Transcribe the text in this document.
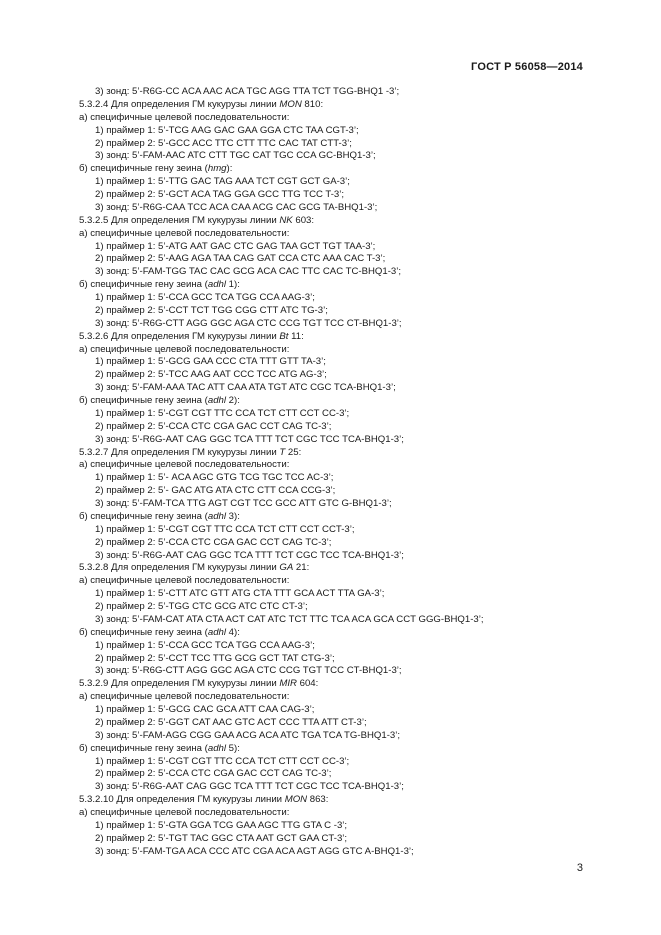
ГОСТ Р 56058—2014
3) зонд: 5’-R6G-CC ACA AAC ACA TGC AGG TTA TCT TGG-BHQ1 -3’;
5.3.2.4 Для определения ГМ кукурузы линии MON 810:
а) специфичные целевой последовательности:
1) праймер 1: 5’-TCG AAG GAC GAA GGA CTC TAA CGT-3’;
2) праймер 2: 5’-GCC ACC TTC CTT TTC CAC TAT CTT-3’;
3) зонд: 5’-FAM-AAC ATC CTT TGC CAT TGC CCA GC-BHQ1-3’;
б) специфичные гену зеина (hmg):
1) праймер 1: 5’-TTG GAC TAG AAA TCT CGT GCT GA-3’;
2) праймер 2: 5’-GCT ACA TAG GGA GCC TTG TCC T-3’;
3) зонд: 5’-R6G-CAA TCC ACA CAA ACG CAC GCG TA-BHQ1-3’;
5.3.2.5 Для определения ГМ кукурузы линии NK 603:
а) специфичные целевой последовательности:
1) праймер 1: 5’-ATG AAT GAC CTC GAG TAA GCT TGT TAA-3’;
2) праймер 2: 5’-AAG AGA TAA CAG GAT CCA CTC AAA CAC T-3’;
3) зонд: 5’-FAM-TGG TAC CAC GCG ACA CAC TTC CAC TC-BHQ1-3’;
б) специфичные гену зеина (adhl 1):
1) праймер 1: 5’-CCA GCC TCA TGG CCA AAG-3’;
2) праймер 2: 5’-CCT TCT TGG CGG CTT ATC TG-3’;
3) зонд: 5’-R6G-CTT AGG GGC AGA CTC CCG TGT TCC CT-BHQ1-3’;
5.3.2.6 Для определения ГМ кукурузы линии Bt 11:
а) специфичные целевой последовательности:
1) праймер 1: 5’-GCG GAA CCC CTA TTT GTT TA-3’;
2) праймер 2: 5’-TCC AAG AAT CCC TCC ATG AG-3’;
3) зонд: 5’-FAM-AAA TAC ATT CAA ATA TGT ATC CGC TCA-BHQ1-3’;
б) специфичные гену зеина (adhl 2):
1) праймер 1: 5’-CGT CGT TTC CCA TCT CTT CCT CC-3’;
2) праймер 2: 5’-CCA CTC CGA GAC CCT CAG TC-3’;
3) зонд: 5’-R6G-AAT CAG GGC TCA TTT TCT CGC TCC TCA-BHQ1-3’;
5.3.2.7 Для определения ГМ кукурузы линии T 25:
а) специфичные целевой последовательности:
1) праймер 1: 5’- ACA AGC GTG TCG TGC TCC AC-3’;
2) праймер 2: 5’- GAC ATG ATA CTC CTT CCA CCG-3’;
3) зонд: 5’-FAM-TCA TTG AGT CGT TCC GCC ATT GTC G-BHQ1-3’;
б) специфичные гену зеина (adhl 3):
1) праймер 1: 5’-CGT CGT TTC CCA TCT CTT CCT CCT-3’;
2) праймер 2: 5’-CCA CTC CGA GAC CCT CAG TC-3’;
3) зонд: 5’-R6G-AAT CAG GGC TCA TTT TCT CGC TCC TCA-BHQ1-3’;
5.3.2.8 Для определения ГМ кукурузы линии GA 21:
а) специфичные целевой последовательности:
1) праймер 1: 5’-CTT ATC GTT ATG CTA TTT GCA ACT TTA GA-3’;
2) праймер 2: 5’-TGG CTC GCG ATC CTC CT-3’;
3) зонд: 5’-FAM-CAT ATA CTA ACT CAT ATC TCT TTC TCA ACA GCA CCT GGG-BHQ1-3’;
б) специфичные гену зеина (adhl 4):
1) праймер 1: 5’-CCA GCC TCA TGG CCA AAG-3’;
2) праймер 2: 5’-CCT TCC TTG GCG GCT TAT CTG-3’;
3) зонд: 5’-R6G-CTT AGG GGC AGA CTC CCG TGT TCC CT-BHQ1-3’;
5.3.2.9 Для определения ГМ кукурузы линии MIR 604:
а) специфичные целевой последовательности:
1) праймер 1: 5’-GCG CAC GCA ATT CAA CAG-3’;
2) праймер 2: 5’-GGT CAT AAC GTC ACT CCC TTA ATT CT-3’;
3) зонд: 5’-FAM-AGG CGG GAA ACG ACA ATC TGA TCA TG-BHQ1-3’;
б) специфичные гену зеина (adhl 5):
1) праймер 1: 5’-CGT CGT TTC CCA TCT CTT CCT CC-3’;
2) праймер 2: 5’-CCA CTC CGA GAC CCT CAG TC-3’;
3) зонд: 5’-R6G-AAT CAG GGC TCA TTT TCT CGC TCC TCA-BHQ1-3’;
5.3.2.10 Для определения ГМ кукурузы линии MON 863:
а) специфичные целевой последовательности:
1) праймер 1: 5’-GTA GGA TCG GAA AGC TTG GTA C -3’;
2) праймер 2: 5’-TGT TAC GGC CTA AAT GCT GAA CT-3’;
3) зонд: 5’-FAM-TGA ACA CCC ATC CGA ACA AGT AGG GTC A-BHQ1-3’;
3
